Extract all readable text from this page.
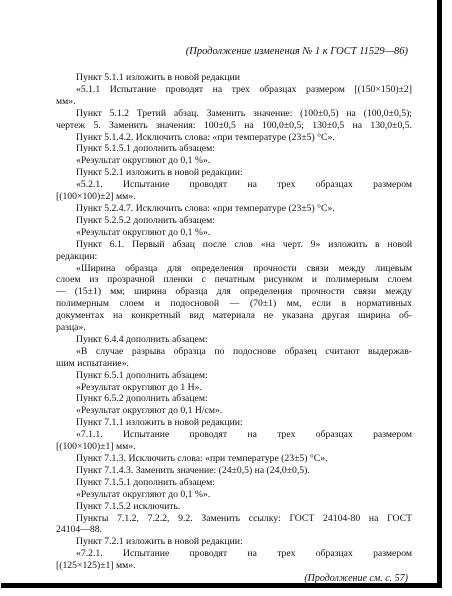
(Продолжение изменения № 1 к ГОСТ 11529—86)

Пункт 5.1.1 изложить в новой редакции

«5.1.1 Испытание проводят на трех образцах размером [(150×150)±2]

мм».

Пункт 5.1.2 Третий абзац. Заменить значение: (100±0,5) на (100,0±0,5);

чертеж 5. Заменить значения: 100±0,5 на 100,0±0,5; 130±0,5 на 130,0±0,5.

Пункт 5.1.4.2. Исключить слова: «при температуре (23±5) °С».

Пункт 5.1.5.1 дополнить абзацем:

«Результат округляют до 0,1 %».

Пункт 5.2.1 изложить в новой редакции:

«5.2.1. Испытание проводят на трех образцах размером

[(100×100)±2] мм».

Пункт 5.2.4.7. Исключить слова: «при температуре (23±5) °С».

Пункт 5.2.5.2 дополнить абзацем:

«Результат округляют до 0,1 %».

Пункт 6.1. Первый абзац после слов «на черт. 9» изложить в новой

редакции:

«Ширина образца для определения прочности связи между лицевым

слоем из прозрачной пленки с печатным рисунком и полимерным слоем

— (15±1) мм; ширина образца для определения прочности связи между

полимерным слоем и подосновой — (70±1) мм, если в нормативных

документах на конкретный вид материала не указана другая ширина об-

разца».

Пункт 6.4.4 дополнить абзацем:

«В случае разрыва образца по подоснове образец считают выдержав-

шим испытание».

Пункт 6.5.1 дополнить абзацем:

«Результат округляют до 1 Н».

Пункт 6.5.2 дополнить абзацем:

«Результат округляют до 0,1 Н/см».

Пункт 7.1.1 изложить в новой редакции:

«7.1.1. Испытание проводят на трех образцах размером

[(100×100)±1] мм».

Пункт 7.1.3. Исключить слова: «при температуре (23±5) °С».

Пункт 7.1.4.3. Заменить значение: (24±0,5) на (24,0±0,5).

Пункт 7.1.5.1 дополнить абзацем:

«Результат округляют до 0,1 %».

Пункт 7.1.5.2 исключить.

Пункты 7.1.2, 7.2.2, 9.2. Заменить ссылку: ГОСТ 24104-80 на ГОСТ

24104—88.

Пункт 7.2.1 изложить в новой редакции:

«7.2.1. Испытание проводят на трех образцах размером

[(125×125)±1] мм».

(Продолжение см. с. 57)
